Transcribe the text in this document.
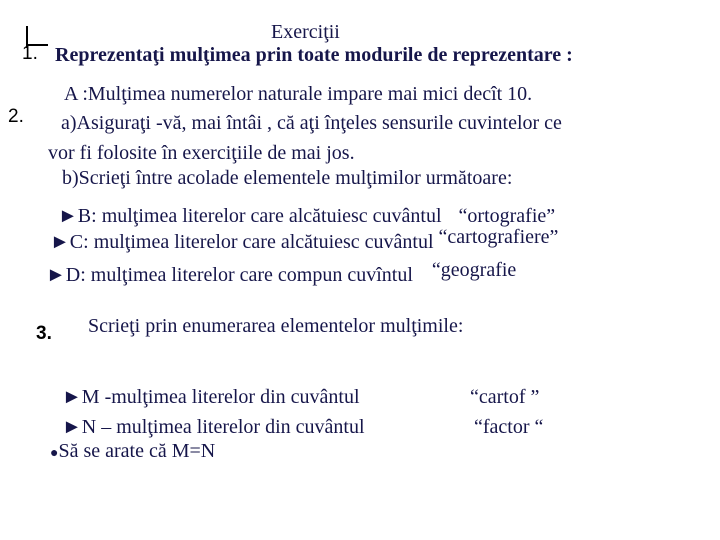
Exerciţii
1. Reprezentaţi mulţimea prin toate modurile de reprezentare :
A :Mulţimea numerelor naturale impare mai mici decît 10.
2. a)Asiguraţi -vă, mai întâi , că aţi înţeles sensurile cuvintelor ce
vor fi folosite în exerciţiile de mai jos.
b)Scrieţi între acolade elementele mulţimilor următoare:
►B: mulţimea literelor care alcătuiesc cuvântul “ortografie”
►C: mulţimea literelor care alcătuiesc cuvântul “cartografiere”
►D: mulţimea literelor care compun cuvîntul “geografie
3. Scrieţi prin enumerarea elementelor mulţimile:
►M -mulţimea literelor din cuvântul	“cartof ”
►N – mulţimea literelor din cuvântul	“factor “
●Să se arate că M=N
